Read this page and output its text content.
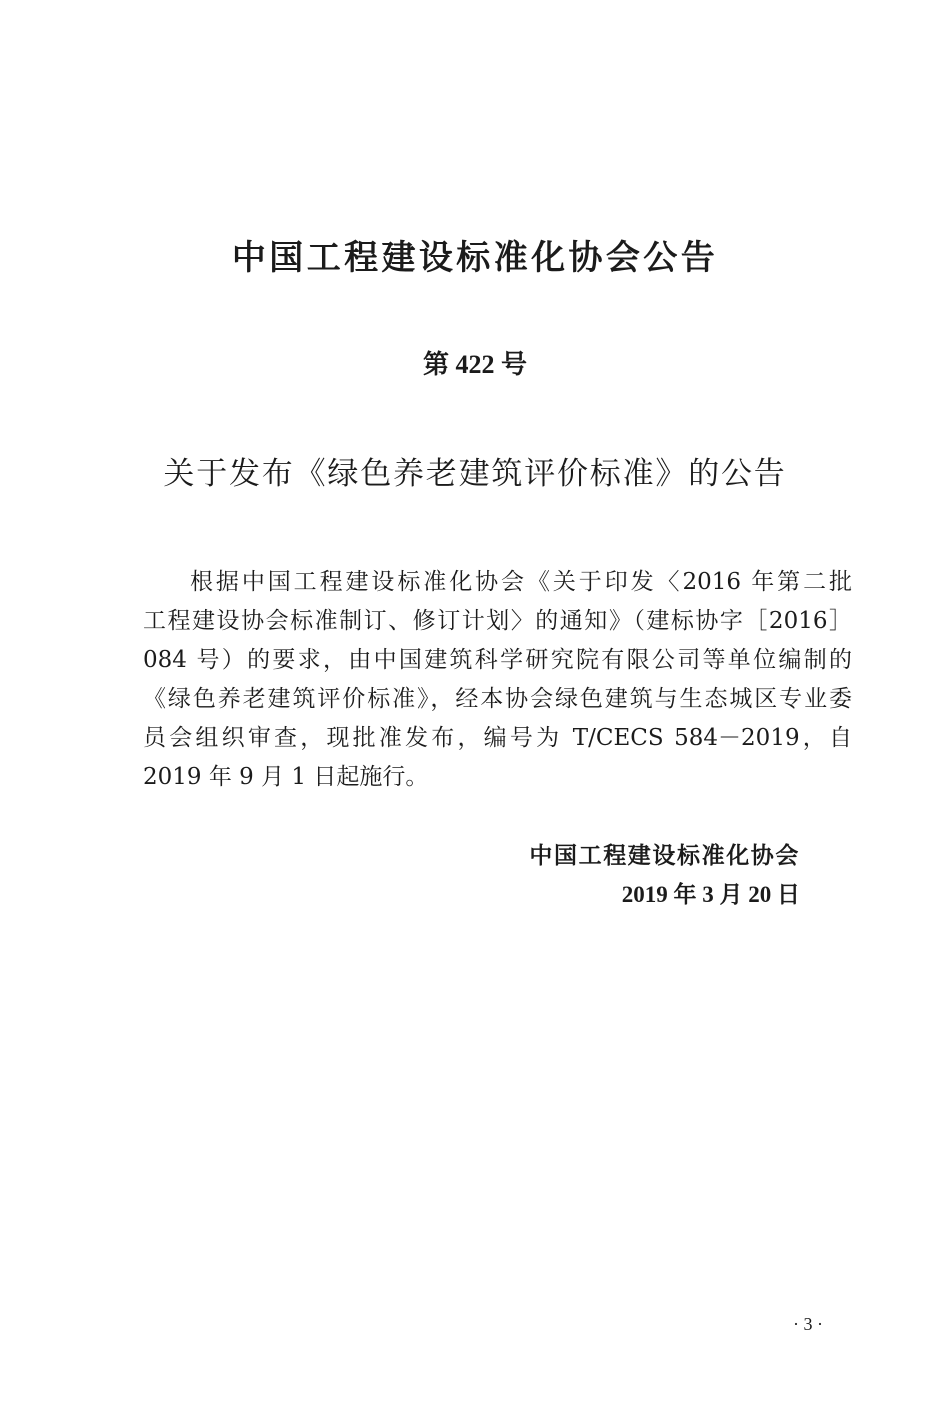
中国工程建设标准化协会公告
第 422 号
关于发布《绿色养老建筑评价标准》的公告
根据中国工程建设标准化协会《关于印发〈2016 年第二批
工程建设协会标准制订、修订计划〉的通知》（建标协字［2016］
084 号）的要求，由中国建筑科学研究院有限公司等单位编制的
《绿色养老建筑评价标准》，经本协会绿色建筑与生态城区专业委
员会组织审查，现批准发布，编号为 T/CECS 584－2019，自
2019 年 9 月 1 日起施行。
中国工程建设标准化协会
2019 年 3 月 20 日
· 3 ·
